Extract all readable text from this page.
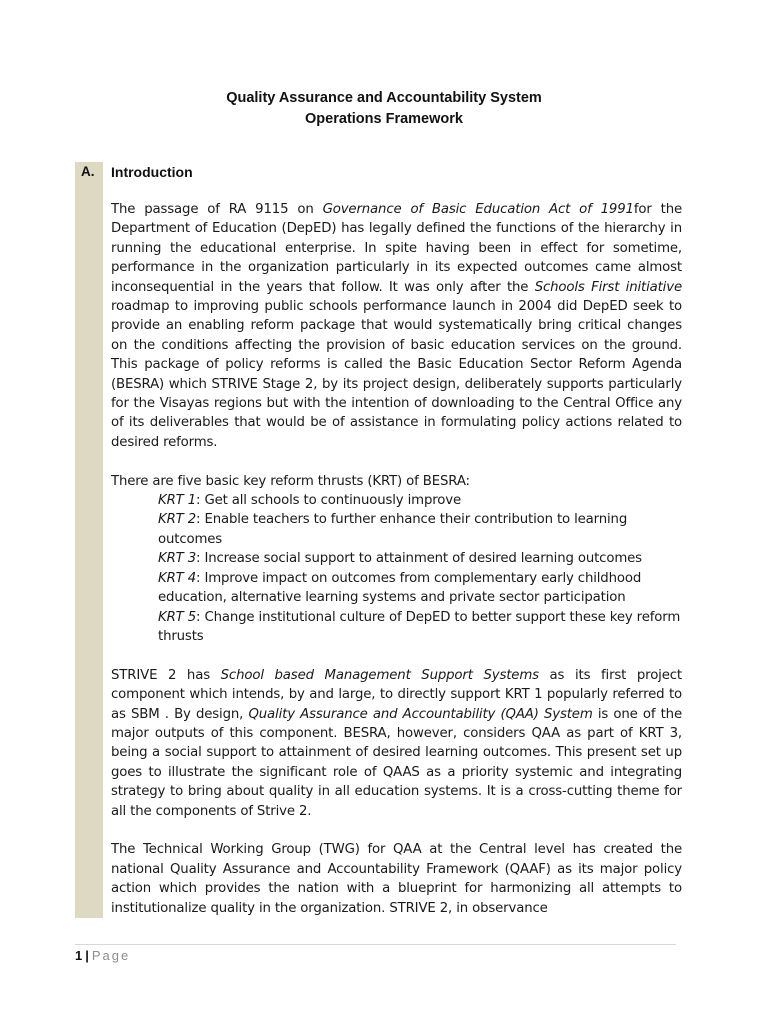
Quality Assurance and Accountability System
Operations Framework
A. Introduction

The passage of RA 9115 on Governance of Basic Education Act of 1991for the Department of Education (DepED) has legally defined the functions of the hierarchy in running the educational enterprise. In spite having been in effect for sometime, performance in the organization particularly in its expected outcomes came almost inconsequential in the years that follow. It was only after the Schools First initiative roadmap to improving public schools performance launch in 2004 did DepED seek to provide an enabling reform package that would systematically bring critical changes on the conditions affecting the provision of basic education services on the ground. This package of policy reforms is called the Basic Education Sector Reform Agenda (BESRA) which STRIVE Stage 2, by its project design, deliberately supports particularly for the Visayas regions but with the intention of downloading to the Central Office any of its deliverables that would be of assistance in formulating policy actions related to desired reforms.

There are five basic key reform thrusts (KRT) of BESRA:
KRT 1: Get all schools to continuously improve
KRT 2: Enable teachers to further enhance their contribution to learning outcomes
KRT 3: Increase social support to attainment of desired learning outcomes
KRT 4: Improve impact on outcomes from complementary early childhood education, alternative learning systems and private sector participation
KRT 5: Change institutional culture of DepED to better support these key reform thrusts

STRIVE 2 has School based Management Support Systems as its first project component which intends, by and large, to directly support KRT 1 popularly referred to as SBM . By design, Quality Assurance and Accountability (QAA) System is one of the major outputs of this component. BESRA, however, considers QAA as part of KRT 3, being a social support to attainment of desired learning outcomes. This present set up goes to illustrate the significant role of QAAS as a priority systemic and integrating strategy to bring about quality in all education systems. It is a cross-cutting theme for all the components of Strive 2.

The Technical Working Group (TWG) for QAA at the Central level has created the national Quality Assurance and Accountability Framework (QAAF) as its major policy action which provides the nation with a blueprint for harmonizing all attempts to institutionalize quality in the organization. STRIVE 2, in observance

1 | Page
